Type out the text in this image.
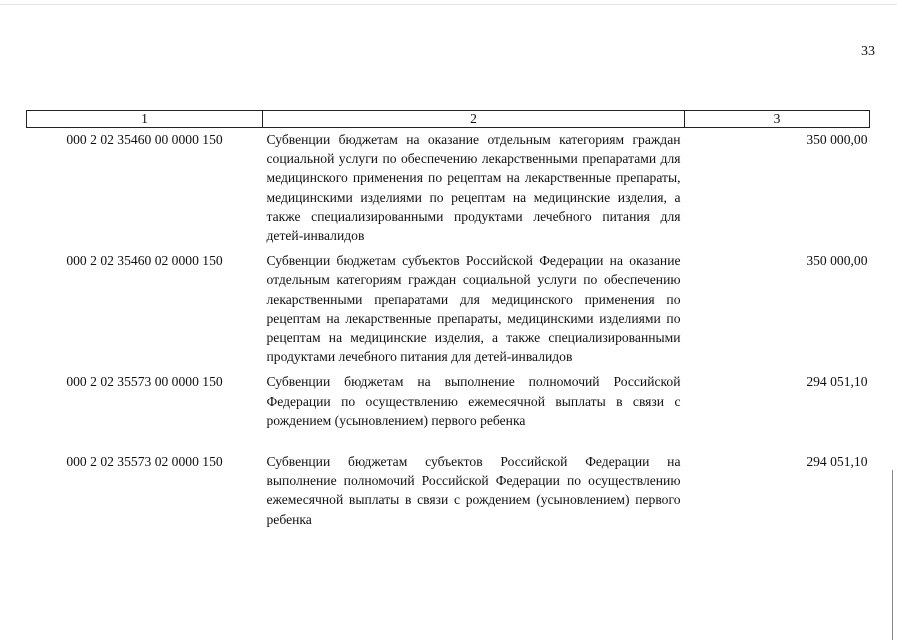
33
1	2	3
000 2 02 35460 00 0000 150	Субвенции бюджетам на оказание отдельным категориям граждан социальной услуги по обеспечению лекарственными препаратами для медицинского применения по рецептам на лекарственные препараты, медицинскими изделиями по рецептам на медицинские изделия, а также специализированными продуктами лечебного питания для детей-инвалидов	350 000,00
000 2 02 35460 02 0000 150	Субвенции бюджетам субъектов Российской Федерации на оказание отдельным категориям граждан социальной услуги по обеспечению лекарственными препаратами для медицинского применения по рецептам на лекарственные препараты, медицинскими изделиями по рецептам на медицинские изделия, а также специализированными продуктами лечебного питания для детей-инвалидов	350 000,00
000 2 02 35573 00 0000 150	Субвенции бюджетам на выполнение полномочий Российской Федерации по осуществлению ежемесячной выплаты в связи с рождением (усыновлением) первого ребенка	294 051,10

000 2 02 35573 02 0000 150	Субвенции бюджетам субъектов Российской Федерации на выполнение полномочий Российской Федерации по осуществлению ежемесячной выплаты в связи с рождением (усыновлением) первого ребенка	294 051,10
